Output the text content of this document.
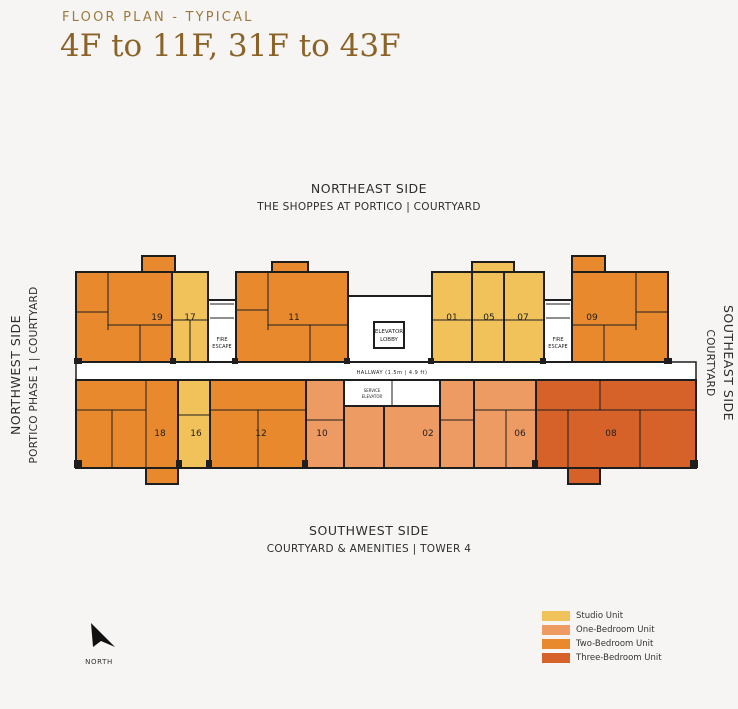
FLOOR PLAN - TYPICAL
4F to 11F, 31F to 43F
NORTHEAST SIDE
THE SHOPPES AT PORTICO | COURTYARD
SOUTHWEST SIDE
COURTYARD & AMENITIES | TOWER 4
NORTHWEST SIDE PORTICO PHASE 1 | COURTYARD	SOUTHEAST SIDE
COURTYARD
ELEVATOR
LOBBY
FIRE
ESCAPE
FIRE
ESCAPE
HALLWAY (1.5m | 4.9 ft)
SERVICE
ELEVATOR
19 17	11	01	05	07	09
18	16	12	10	02	06	08
NORTH
Studio Unit
One-Bedroom Unit
Two-Bedroom Unit
Three-Bedroom Unit
